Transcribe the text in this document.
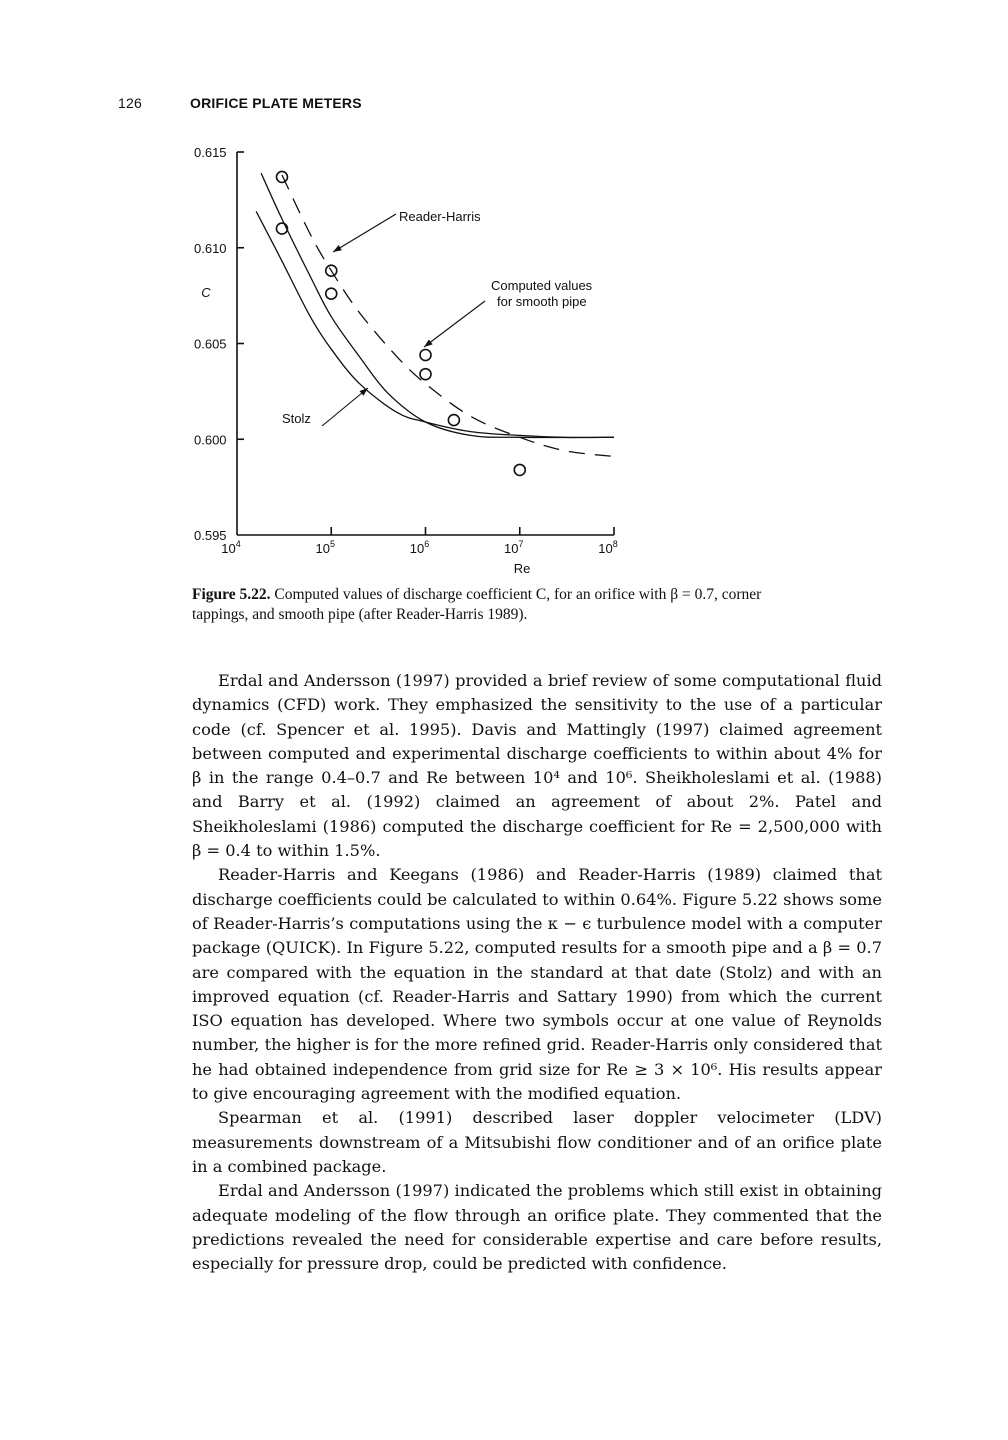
126	ORIFICE PLATE METERS
0.615
0.610
0.605
0.600
0.595
$10^4$	$10^5$	$10^6$	$10^7$	$10^8$
Re
C
Reader-Harris
Computed values
for smooth pipe
Stolz
Figure 5.22. Computed values of discharge coefficient C, for an orifice with β = 0.7, corner tappings, and smooth pipe (after Reader-Harris 1989).

Erdal and Andersson (1997) provided a brief review of some computational fluid dynamics (CFD) work. They emphasized the sensitivity to the use of a particular code (cf. Spencer et al. 1995). Davis and Mattingly (1997) claimed agreement between computed and experimental discharge coefficients to within about 4% for β in the range 0.4–0.7 and Re between 10⁴ and 10⁶. Sheikholeslami et al. (1988) and Barry et al. (1992) claimed an agreement of about 2%. Patel and Sheikholeslami (1986) computed the discharge coefficient for Re = 2,500,000 with β = 0.4 to within 1.5%.

Reader-Harris and Keegans (1986) and Reader-Harris (1989) claimed that discharge coefficients could be calculated to within 0.64%. Figure 5.22 shows some of Reader-Harris’s computations using the κ − ϵ turbulence model with a computer package (QUICK). In Figure 5.22, computed results for a smooth pipe and a β = 0.7 are compared with the equation in the standard at that date (Stolz) and with an improved equation (cf. Reader-Harris and Sattary 1990) from which the current ISO equation has developed. Where two symbols occur at one value of Reynolds number, the higher is for the more refined grid. Reader-Harris only considered that he had obtained independence from grid size for Re ≥ 3 × 10⁶. His results appear to give encouraging agreement with the modified equation.

Spearman et al. (1991) described laser doppler velocimeter (LDV) measurements downstream of a Mitsubishi flow conditioner and of an orifice plate in a combined package.

Erdal and Andersson (1997) indicated the problems which still exist in obtaining adequate modeling of the flow through an orifice plate. They commented that the predictions revealed the need for considerable expertise and care before results, especially for pressure drop, could be predicted with confidence.
